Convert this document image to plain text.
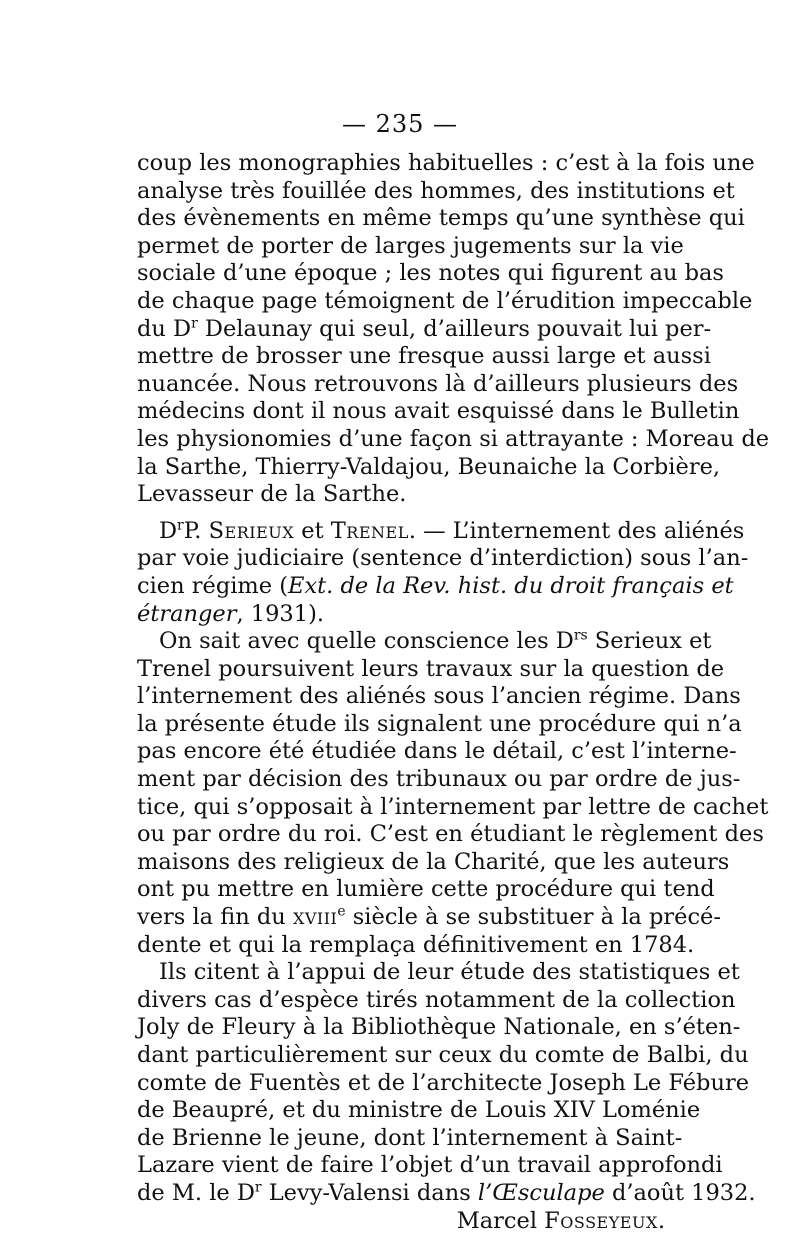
— 235 —
coup les monographies habituelles : c’est à la fois une
analyse très fouillée des hommes, des institutions et
des évènements en même temps qu’une synthèse qui
permet de porter de larges jugements sur la vie
sociale d’une époque ; les notes qui figurent au bas
de chaque page témoignent de l’érudition impeccable
du $D^r$ Delaunay qui seul, d’ailleurs pouvait lui per-
mettre de brosser une fresque aussi large et aussi
nuancée. Nous retrouvons là d’ailleurs plusieurs des
médecins dont il nous avait esquissé dans le Bulletin
les physionomies d’une façon si attrayante : Moreau de
la Sarthe, Thierry-Valdajou, Beunaiche la Corbière,
Levasseur de la Sarthe.
$D^rP$. Serieux et Trenel. — L’internement des aliénés
par voie judiciaire (sentence d’interdiction) sous l’an-
cien régime (Ext. de la Rev. hist. du droit français et
étranger, 1931).
On sait avec quelle conscience les $D^{rs}$ Serieux et
Trenel poursuivent leurs travaux sur la question de
l’internement des aliénés sous l’ancien régime. Dans
la présente étude ils signalent une procédure qui n’a
pas encore été étudiée dans le détail, c’est l’interne-
ment par décision des tribunaux ou par ordre de jus-
tice, qui s’opposait à l’internement par lettre de cachet
ou par ordre du roi. C’est en étudiant le règlement des
maisons des religieux de la Charité, que les auteurs
ont pu mettre en lumière cette procédure qui tend
vers la fin du xviii$^e$ siècle à se substituer à la précé-
dente et qui la remplaça définitivement en 1784.
Ils citent à l’appui de leur étude des statistiques et
divers cas d’espèce tirés notamment de la collection
Joly de Fleury à la Bibliothèque Nationale, en s’éten-
dant particulièrement sur ceux du comte de Balbi, du
comte de Fuentès et de l’architecte Joseph Le Fébure
de Beaupré, et du ministre de Louis XIV Loménie
de Brienne le jeune, dont l’internement à Saint-
Lazare vient de faire l’objet d’un travail approfondi
de M. le $D^r$ Levy-Valensi dans l’Œsculape d’août 1932.
Marcel Fosseyeux.
